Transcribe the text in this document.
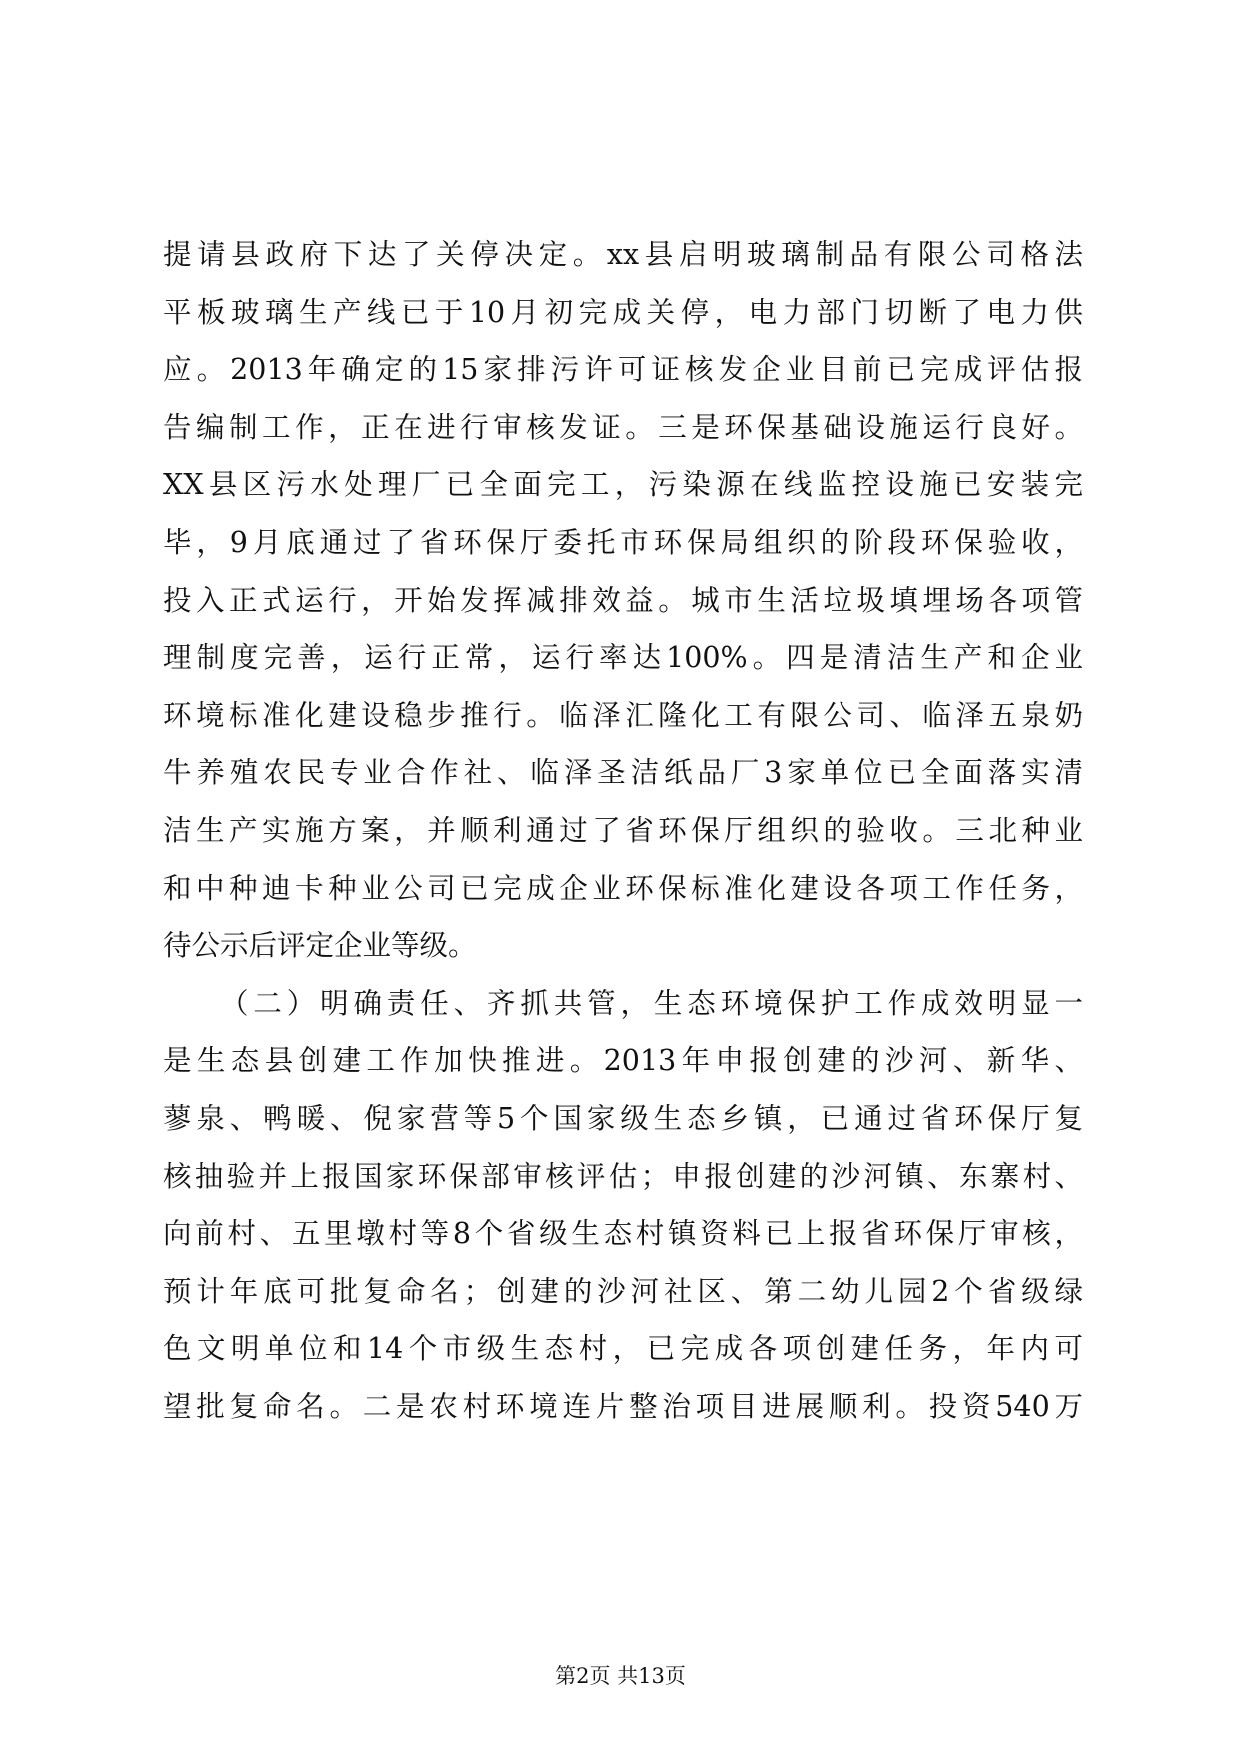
提请县政府下达了关停决定。xx县启明玻璃制品有限公司格法
平板玻璃生产线已于10月初完成关停，电力部门切断了电力供
应。2013年确定的15家排污许可证核发企业目前已完成评估报
告编制工作，正在进行审核发证。三是环保基础设施运行良好。
XX县区污水处理厂已全面完工，污染源在线监控设施已安装完
毕，9月底通过了省环保厅委托市环保局组织的阶段环保验收，
投入正式运行，开始发挥减排效益。城市生活垃圾填埋场各项管
理制度完善，运行正常，运行率达100%。四是清洁生产和企业
环境标准化建设稳步推行。临泽汇隆化工有限公司、临泽五泉奶
牛养殖农民专业合作社、临泽圣洁纸品厂3家单位已全面落实清
洁生产实施方案，并顺利通过了省环保厅组织的验收。三北种业
和中种迪卡种业公司已完成企业环保标准化建设各项工作任务，
待公示后评定企业等级。
（二）明确责任、齐抓共管，生态环境保护工作成效明显一
是生态县创建工作加快推进。2013年申报创建的沙河、新华、
蓼泉、鸭暖、倪家营等5个国家级生态乡镇，已通过省环保厅复
核抽验并上报国家环保部审核评估；申报创建的沙河镇、东寨村、
向前村、五里墩村等8个省级生态村镇资料已上报省环保厅审核，
预计年底可批复命名；创建的沙河社区、第二幼儿园2个省级绿
色文明单位和14个市级生态村，已完成各项创建任务，年内可
望批复命名。二是农村环境连片整治项目进展顺利。投资540万
第2页 共13页
